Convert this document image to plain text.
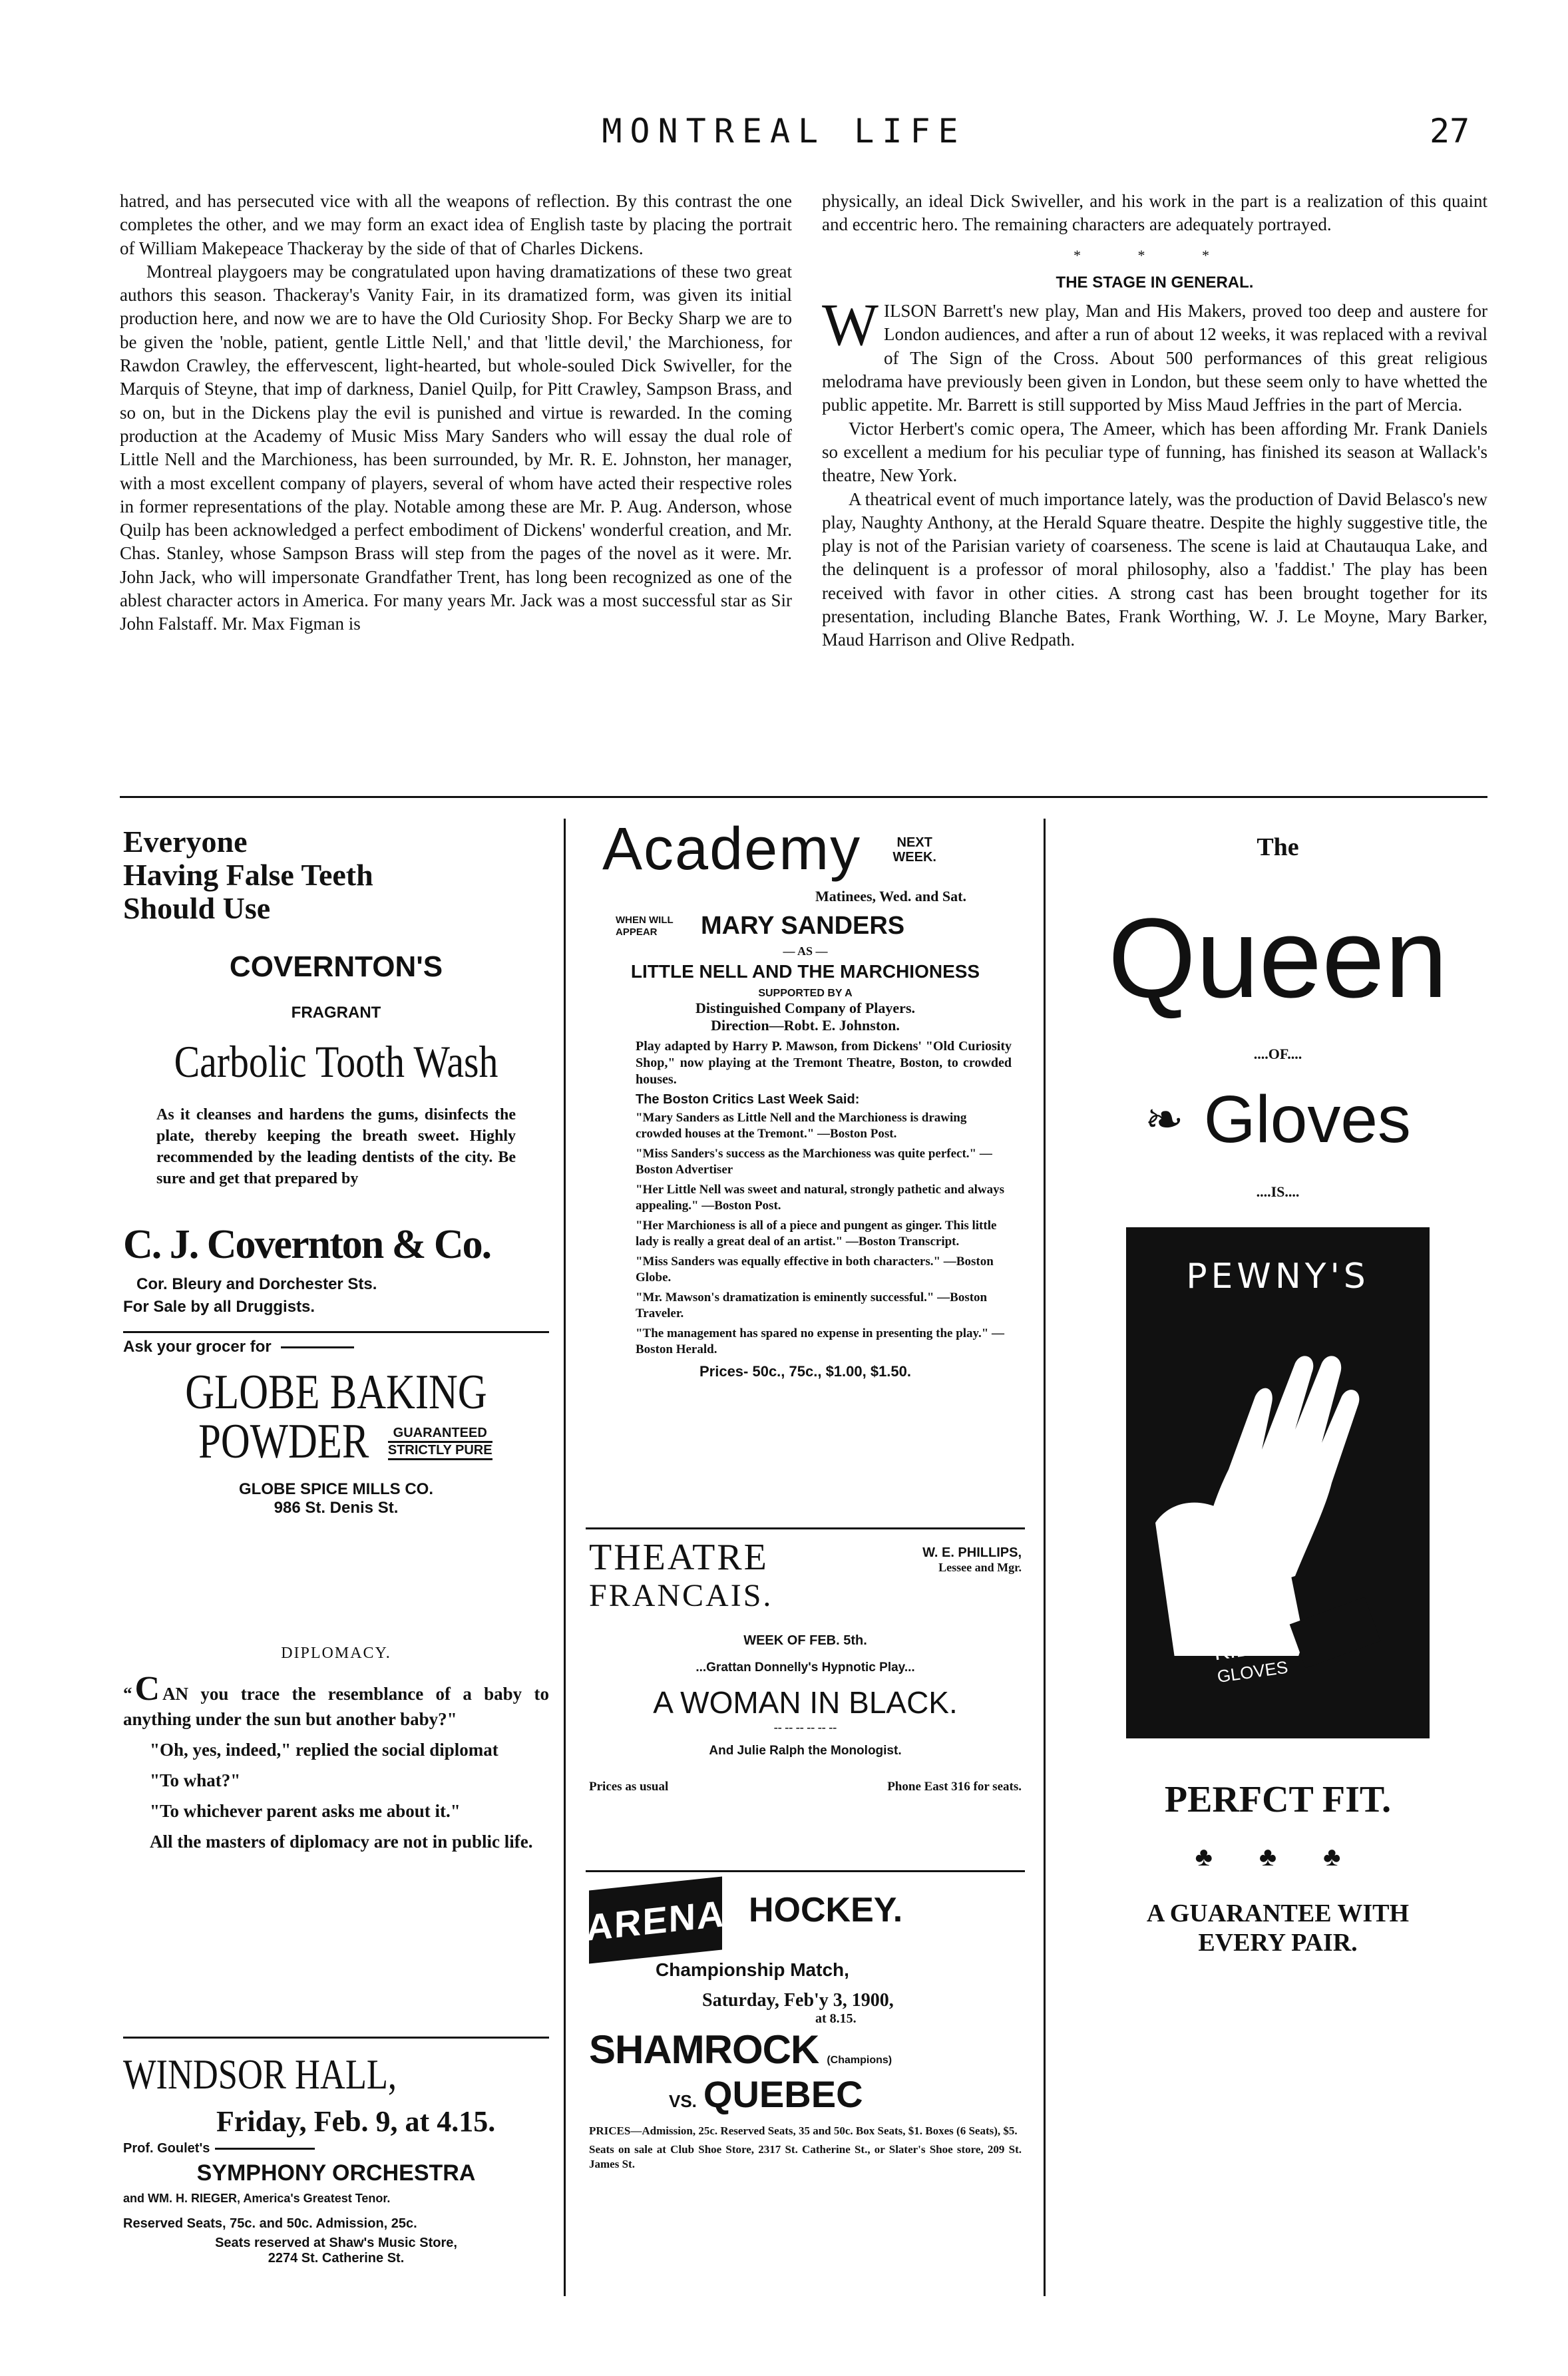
MONTREAL LIFE	27

hatred, and has persecuted vice with all the weapons of reflection. By this contrast the one completes the other, and we may form an exact idea of English taste by placing the portrait of William Makepeace Thackeray by the side of that of Charles Dickens.

Montreal playgoers may be congratulated upon having dramatizations of these two great authors this season. Thackeray's Vanity Fair, in its dramatized form, was given its initial production here, and now we are to have the Old Curiosity Shop. For Becky Sharp we are to be given the 'noble, patient, gentle Little Nell,' and that 'little devil,' the Marchioness, for Rawdon Crawley, the effervescent, light-hearted, but whole-souled Dick Swiveller, for the Marquis of Steyne, that imp of darkness, Daniel Quilp, for Pitt Crawley, Sampson Brass, and so on, but in the Dickens play the evil is punished and virtue is rewarded. In the coming production at the Academy of Music Miss Mary Sanders who will essay the dual role of Little Nell and the Marchioness, has been surrounded, by Mr. R. E. Johnston, her manager, with a most excellent company of players, several of whom have acted their respective roles in former representations of the play. Notable among these are Mr. P. Aug. Anderson, whose Quilp has been acknowledged a perfect embodiment of Dickens' wonderful creation, and Mr. Chas. Stanley, whose Sampson Brass will step from the pages of the novel as it were. Mr. John Jack, who will impersonate Grandfather Trent, has long been recognized as one of the ablest character actors in America. For many years Mr. Jack was a most successful star as Sir John Falstaff. Mr. Max Figman is

physically, an ideal Dick Swiveller, and his work in the part is a realization of this quaint and eccentric hero. The remaining characters are adequately portrayed.

* * *
THE STAGE IN GENERAL.

WILSON Barrett's new play, Man and His Makers, proved too deep and austere for London audiences, and after a run of about 12 weeks, it was replaced with a revival of The Sign of the Cross. About 500 performances of this great religious melodrama have previously been given in London, but these seem only to have whetted the public appetite. Mr. Barrett is still supported by Miss Maud Jeffries in the part of Mercia.

Victor Herbert's comic opera, The Ameer, which has been affording Mr. Frank Daniels so excellent a medium for his peculiar type of funning, has finished its season at Wallack's theatre, New York.

A theatrical event of much importance lately, was the production of David Belasco's new play, Naughty Anthony, at the Herald Square theatre. Despite the highly suggestive title, the play is not of the Parisian variety of coarseness. The scene is laid at Chautauqua Lake, and the delinquent is a professor of moral philosophy, also a 'faddist.' The play has been received with favor in other cities. A strong cast has been brought together for its presentation, including Blanche Bates, Frank Worthing, W. J. Le Moyne, Mary Barker, Maud Harrison and Olive Redpath.

Everyone
Having False Teeth
Should Use
COVERNTON'S
FRAGRANT
Carbolic Tooth Wash
As it cleanses and hardens the gums, disinfects the plate, thereby keeping the breath sweet. Highly recommended by the leading dentists of the city. Be sure and get that prepared by
C. J. Covernton & Co.
Cor. Bleury and Dorchester Sts.
For Sale by all Druggists.
Ask your grocer for
GLOBE BAKING
POWDER	GUARANTEED
STRICTLY PURE
GLOBE SPICE MILLS CO.
986 St. Denis St.
DIPLOMACY.
“C AN you trace the resemblance of a baby to anything under the sun but another baby?"
"Oh, yes, indeed," replied the social diplomat
"To what?"
"To whichever parent asks me about it."
All the masters of diplomacy are not in public life.
WINDSOR HALL,
Friday, Feb. 9, at 4.15.
Prof. Goulet's
SYMPHONY ORCHESTRA
and WM. H. RIEGER, America's Greatest Tenor.
Reserved Seats, 75c. and 50c. Admission, 25c.
Seats reserved at Shaw's Music Store,
2274 St. Catherine St.
Academy	NEXT WEEK.
Matinees, Wed. and Sat.
WHEN WILL APPEAR	MARY SANDERS
— AS —
LITTLE NELL AND THE MARCHIONESS
SUPPORTED BY A
Distinguished Company of Players.
Direction—Robt. E. Johnston.
Play adapted by Harry P. Mawson, from Dickens' "Old Curiosity Shop," now playing at the Tremont Theatre, Boston, to crowded houses.
The Boston Critics Last Week Said:
"Mary Sanders as Little Nell and the Marchioness is drawing crowded houses at the Tremont." —Boston Post.
"Miss Sanders's success as the Marchioness was quite perfect." —Boston Advertiser
"Her Little Nell was sweet and natural, strongly pathetic and always appealing." —Boston Post.
"Her Marchioness is all of a piece and pungent as ginger. This little lady is really a great deal of an artist." —Boston Transcript.
"Miss Sanders was equally effective in both characters." —Boston Globe.
"Mr. Mawson's dramatization is eminently successful." —Boston Traveler.
"The management has spared no expense in presenting the play." —Boston Herald.
Prices- 50c., 75c., $1.00, $1.50.
THEATRE
FRANCAIS.
W. E. PHILLIPS,
Lessee and Mgr.
WEEK OF FEB. 5th.
...Grattan Donnelly's Hypnotic Play...
A WOMAN IN BLACK.
-- -- -- -- -- --
And Julie Ralph the Monologist.
Prices as usual	Phone East 316 for seats.
ARENA HOCKEY.
Championship Match,
Saturday, Feb'y 3, 1900,
at 8.15.
SHAMROCK (Champions)
VS. QUEBEC
PRICES—Admission, 25c. Reserved Seats, 35 and 50c. Box Seats, $1. Boxes (6 Seats), $5.
Seats on sale at Club Shoe Store, 2317 St. Catherine St., or Slater's Shoe store, 209 St. James St.
The
Queen
....OF....
❧ Gloves
....IS....
PEWNY'S
KID
GLOVES
PERFCT FIT.
♣ ♣ ♣
A GUARANTEE WITH
EVERY PAIR.
